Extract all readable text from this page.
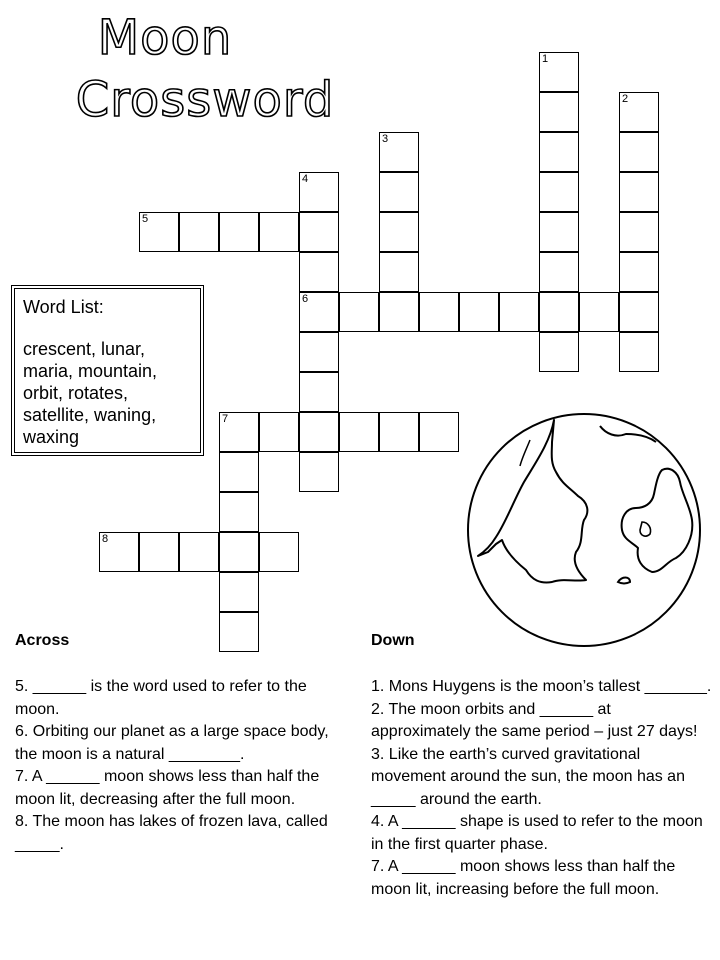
Moon
Crossword
1
2
3
4
6
5
7
8
Word List:
crescent, lunar, maria, mountain, orbit, rotates, satellite, waning, waxing
Across	Down

5. ______ is the word used to refer to the moon.

6. Orbiting our planet as a large space body, the moon is a natural ________.

7. A ______ moon shows less than half the moon lit, decreasing after the full moon.

8. The moon has lakes of frozen lava, called _____.

1. Mons Huygens is the moon’s tallest _______.

2. The moon orbits and ______ at approximately the same period – just 27 days!

3. Like the earth’s curved gravitational movement around the sun, the moon has an _____ around the earth.

4. A ______ shape is used to refer to the moon in the first quarter phase.

7. A ______ moon shows less than half the moon lit, increasing before the full moon.
